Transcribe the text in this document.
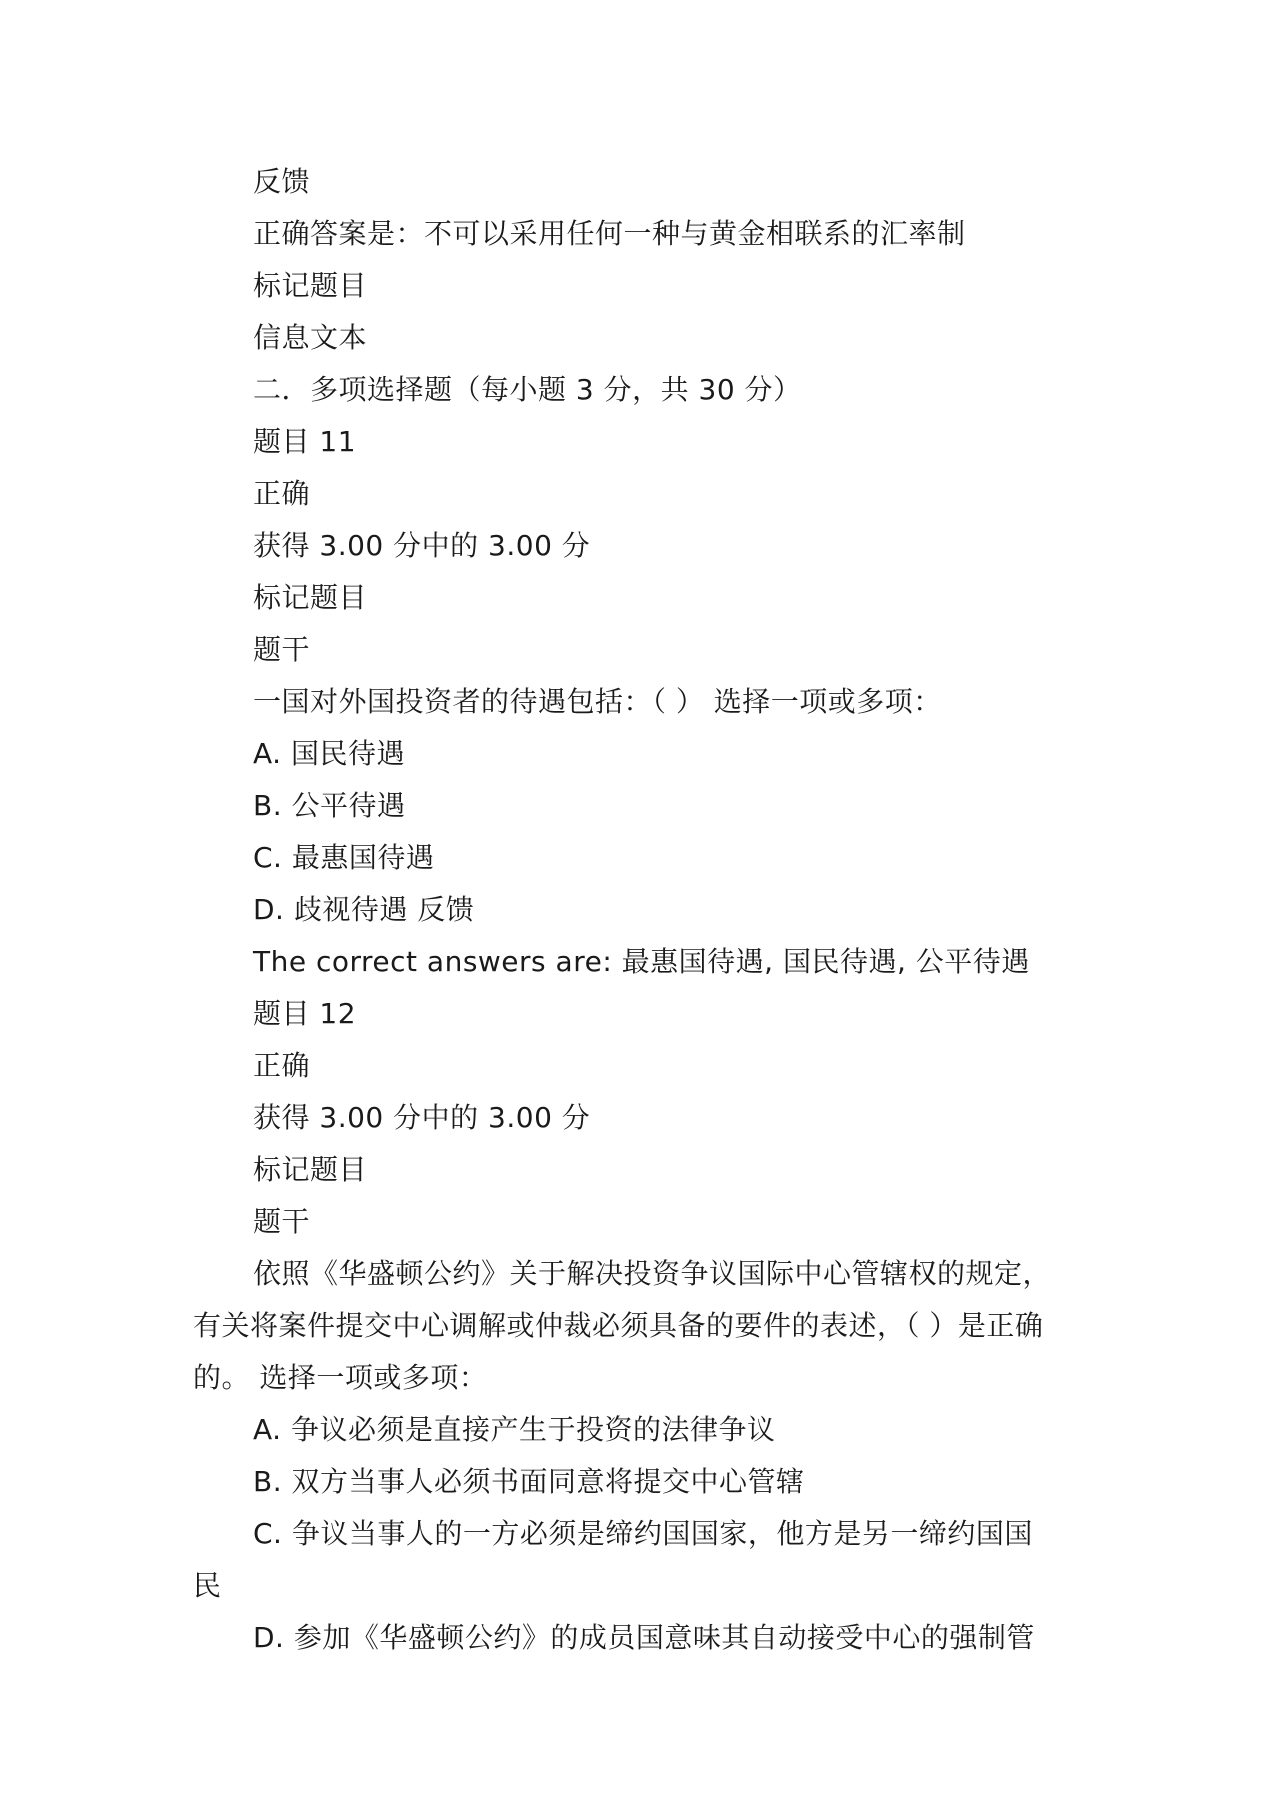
反馈
正确答案是：不可以采用任何一种与黄金相联系的汇率制
标记题目
信息文本
二．多项选择题（每小题 3 分，共 30 分）
题目 11
正确
获得 3.00 分中的 3.00 分
标记题目
题干
一国对外国投资者的待遇包括：（ ） 选择一项或多项：
A. 国民待遇
B. 公平待遇
C. 最惠国待遇
D. 歧视待遇 反馈
The correct answers are: 最惠国待遇, 国民待遇, 公平待遇
题目 12
正确
获得 3.00 分中的 3.00 分
标记题目
题干
依照《华盛顿公约》关于解决投资争议国际中心管辖权的规定，
有关将案件提交中心调解或仲裁必须具备的要件的表述，（ ）是正确
的。 选择一项或多项：
A. 争议必须是直接产生于投资的法律争议
B. 双方当事人必须书面同意将提交中心管辖
C. 争议当事人的一方必须是缔约国国家，他方是另一缔约国国
民
D. 参加《华盛顿公约》的成员国意味其自动接受中心的强制管
